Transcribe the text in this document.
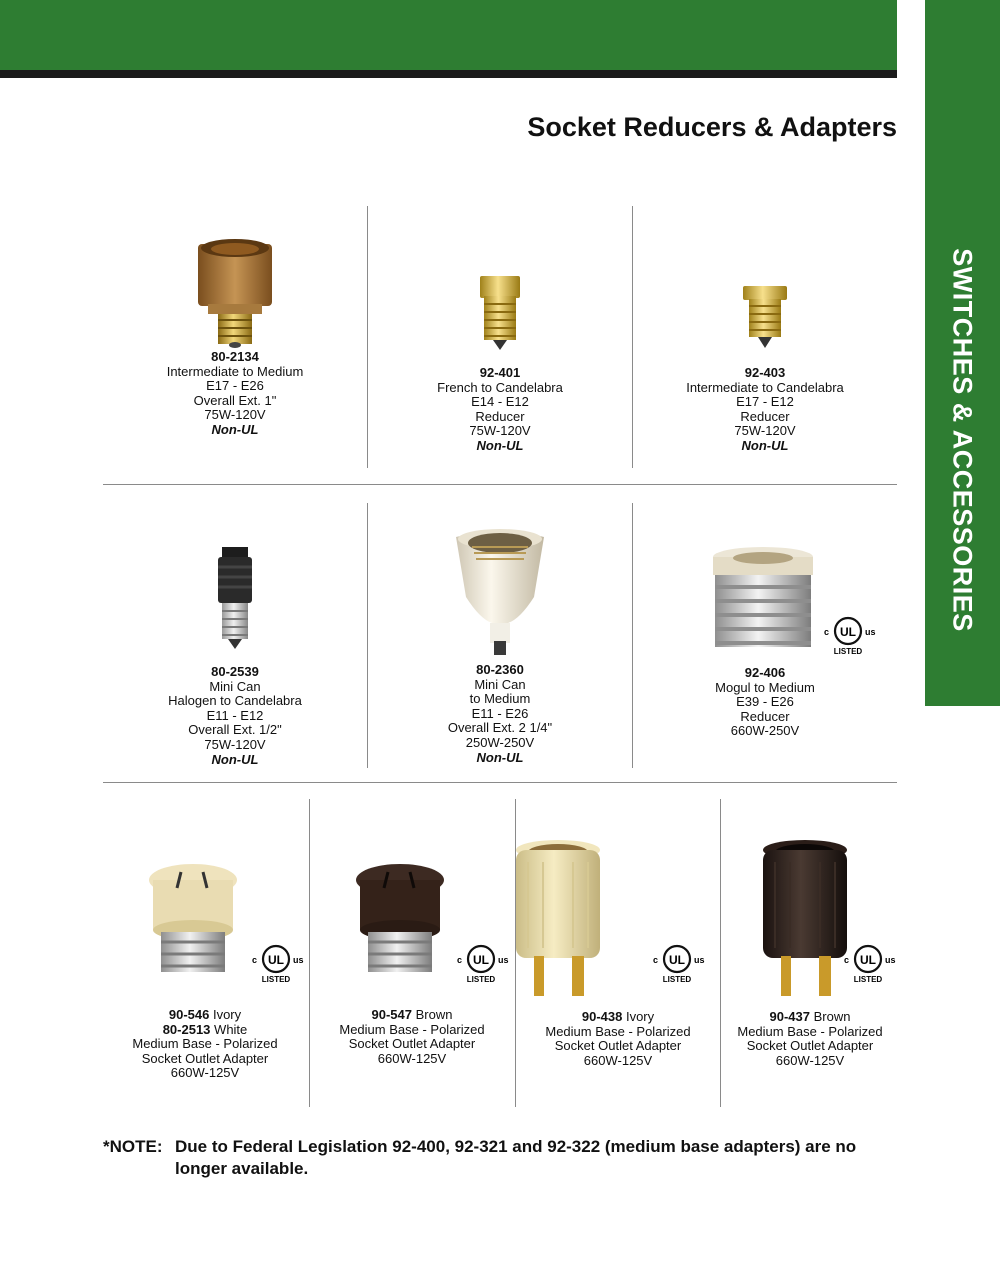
SWITCHES & ACCESSORIES
Socket Reducers & Adapters
80-2134
Intermediate to Medium
E17 - E26
Overall Ext. 1"
75W-120V
Non-UL
92-401
French to Candelabra
E14 - E12
Reducer
75W-120V
Non-UL
92-403
Intermediate to Candelabra
E17 - E12
Reducer
75W-120V
Non-UL
80-2539
Mini Can
Halogen to Candelabra
E11 - E12
Overall Ext. 1/2"
75W-120V
Non-UL
80-2360
Mini Can
to Medium
E11 - E26
Overall Ext. 2 1/4"
250W-250V
Non-UL
92-406
Mogul to Medium
E39 - E26
Reducer
660W-250V
c UL us
LISTED
90-546 Ivory
80-2513 White
Medium Base - Polarized
Socket Outlet Adapter
660W-125V
c UL us
LISTED
90-547 Brown
Medium Base - Polarized
Socket Outlet Adapter
660W-125V
c UL us
LISTED
90-438 Ivory
Medium Base - Polarized
Socket Outlet Adapter
660W-125V
c UL us
LISTED
90-437 Brown
Medium Base - Polarized
Socket Outlet Adapter
660W-125V
c UL us
LISTED
*NOTE: Due to Federal Legislation 92-400, 92-321 and 92-322 (medium base adapters) are no longer available.
